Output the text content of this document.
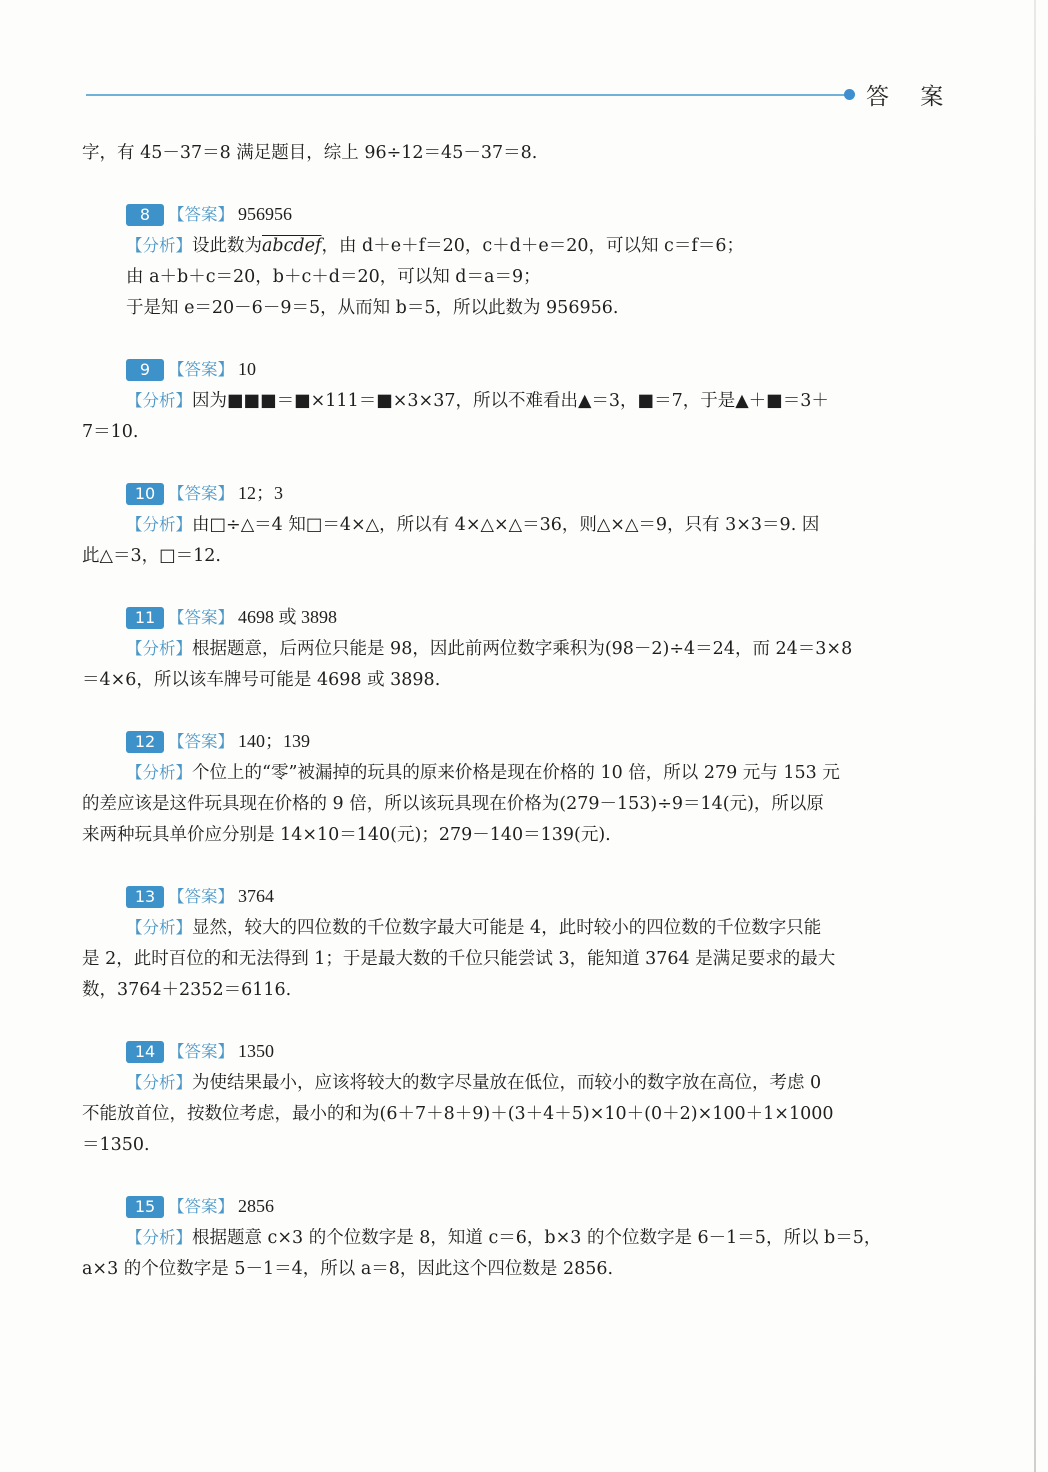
答 案

字，有 45－37＝8 满足题目，综上 96÷12＝45－37＝8.

8	【答案】 956956

【分析】设此数为abcdef，由 d＋e＋f＝20，c＋d＋e＝20，可以知 c＝f＝6；

由 a＋b＋c＝20，b＋c＋d＝20，可以知 d＝a＝9；

于是知 e＝20－6－9＝5，从而知 b＝5，所以此数为 956956.

9	【答案】 10

【分析】因为■■■＝■×111＝■×3×37，所以不难看出▲＝3，■＝7，于是▲＋■＝3＋

7＝10.

10 【答案】 12；3

【分析】由□÷△＝4 知□＝4×△，所以有 4×△×△＝36，则△×△＝9，只有 3×3＝9. 因

此△＝3，□＝12.

11 【答案】 4698 或 3898

【分析】根据题意，后两位只能是 98，因此前两位数字乘积为(98－2)÷4＝24，而 24＝3×8

＝4×6，所以该车牌号可能是 4698 或 3898.

12 【答案】 140；139

【分析】个位上的“零”被漏掉的玩具的原来价格是现在价格的 10 倍，所以 279 元与 153 元

的差应该是这件玩具现在价格的 9 倍，所以该玩具现在价格为(279－153)÷9＝14(元)，所以原

来两种玩具单价应分别是 14×10＝140(元)；279－140＝139(元).

13 【答案】 3764

【分析】显然，较大的四位数的千位数字最大可能是 4，此时较小的四位数的千位数字只能

是 2，此时百位的和无法得到 1；于是最大数的千位只能尝试 3，能知道 3764 是满足要求的最大

数，3764＋2352＝6116.

14 【答案】 1350

【分析】为使结果最小，应该将较大的数字尽量放在低位，而较小的数字放在高位，考虑 0

不能放首位，按数位考虑，最小的和为(6＋7＋8＋9)＋(3＋4＋5)×10＋(0＋2)×100＋1×1000

＝1350.

15 【答案】 2856

【分析】根据题意 c×3 的个位数字是 8，知道 c＝6，b×3 的个位数字是 6－1＝5，所以 b＝5，

a×3 的个位数字是 5－1＝4，所以 a＝8，因此这个四位数是 2856.
